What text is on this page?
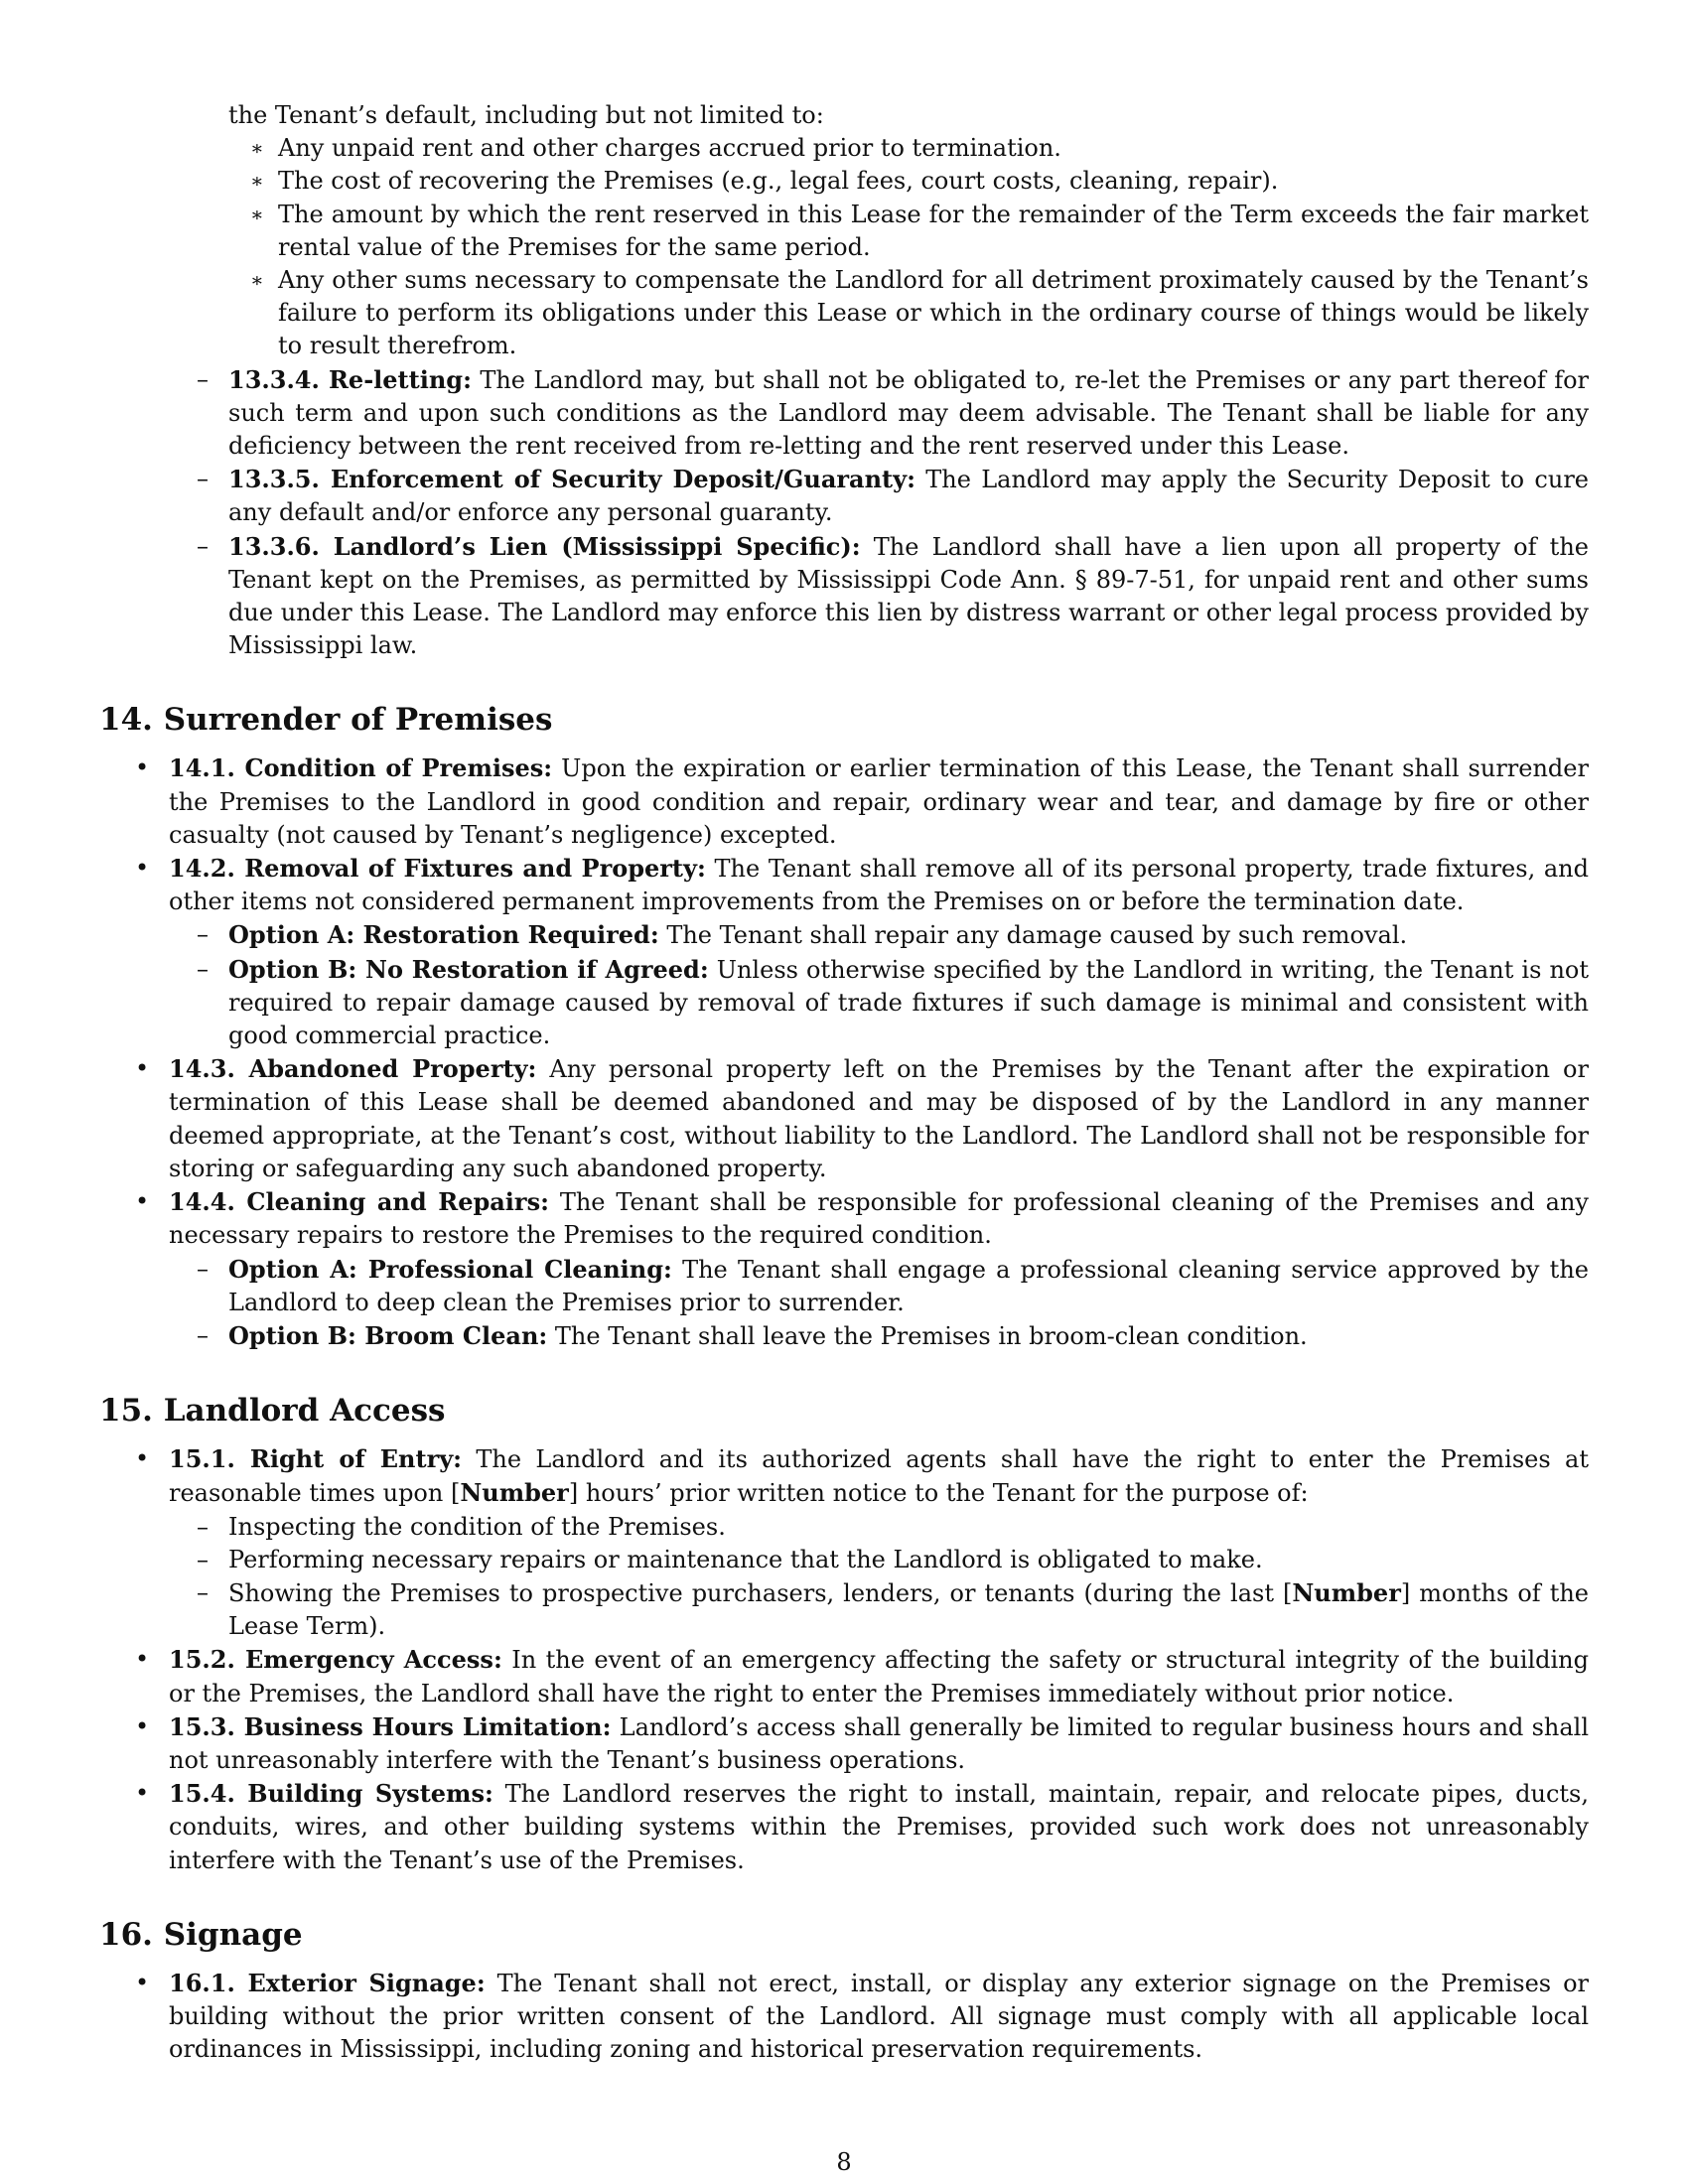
the Tenant’s default, including but not limited to:

∗ Any unpaid rent and other charges accrued prior to termination.

∗ The cost of recovering the Premises (e.g., legal fees, court costs, cleaning, repair).

∗ The amount by which the rent reserved in this Lease for the remainder of the Term exceeds the fair market rental value of the Premises for the same period.

∗ Any other sums necessary to compensate the Landlord for all detriment proximately caused by the Tenant’s failure to perform its obligations under this Lease or which in the ordinary course of things would be likely to result therefrom.

– 13.3.4. Re-letting: The Landlord may, but shall not be obligated to, re-let the Premises or any part thereof for such term and upon such conditions as the Landlord may deem advisable. The Tenant shall be liable for any deficiency between the rent received from re-letting and the rent reserved under this Lease.

– 13.3.5. Enforcement of Security Deposit/Guaranty: The Landlord may apply the Security Deposit to cure any default and/or enforce any personal guaranty.

– 13.3.6. Landlord’s Lien (Mississippi Specific): The Landlord shall have a lien upon all property of the Tenant kept on the Premises, as permitted by Mississippi Code Ann. § 89-7-51, for unpaid rent and other sums due under this Lease. The Landlord may enforce this lien by distress warrant or other legal process provided by Mississippi law.

14. Surrender of Premises

• 14.1. Condition of Premises: Upon the expiration or earlier termination of this Lease, the Tenant shall surrender the Premises to the Landlord in good condition and repair, ordinary wear and tear, and damage by fire or other casualty (not caused by Tenant’s negligence) excepted.

• 14.2. Removal of Fixtures and Property: The Tenant shall remove all of its personal property, trade fixtures, and other items not considered permanent improvements from the Premises on or before the termination date.

– Option A: Restoration Required: The Tenant shall repair any damage caused by such removal.

– Option B: No Restoration if Agreed: Unless otherwise specified by the Landlord in writing, the Tenant is not required to repair damage caused by removal of trade fixtures if such damage is minimal and consistent with good commercial practice.

• 14.3. Abandoned Property: Any personal property left on the Premises by the Tenant after the expiration or termination of this Lease shall be deemed abandoned and may be disposed of by the Landlord in any manner deemed appropriate, at the Tenant’s cost, without liability to the Landlord. The Landlord shall not be responsible for storing or safeguarding any such abandoned property.

• 14.4. Cleaning and Repairs: The Tenant shall be responsible for professional cleaning of the Premises and any necessary repairs to restore the Premises to the required condition.

– Option A: Professional Cleaning: The Tenant shall engage a professional cleaning service approved by the Landlord to deep clean the Premises prior to surrender.

– Option B: Broom Clean: The Tenant shall leave the Premises in broom-clean condition.

15. Landlord Access

• 15.1. Right of Entry: The Landlord and its authorized agents shall have the right to enter the Premises at reasonable times upon [Number] hours’ prior written notice to the Tenant for the purpose of:

– Inspecting the condition of the Premises.

– Performing necessary repairs or maintenance that the Landlord is obligated to make.

– Showing the Premises to prospective purchasers, lenders, or tenants (during the last [Number] months of the Lease Term).

• 15.2. Emergency Access: In the event of an emergency affecting the safety or structural integrity of the building or the Premises, the Landlord shall have the right to enter the Premises immediately without prior notice.

• 15.3. Business Hours Limitation: Landlord’s access shall generally be limited to regular business hours and shall not unreasonably interfere with the Tenant’s business operations.

• 15.4. Building Systems: The Landlord reserves the right to install, maintain, repair, and relocate pipes, ducts, conduits, wires, and other building systems within the Premises, provided such work does not unreasonably interfere with the Tenant’s use of the Premises.

16. Signage

• 16.1. Exterior Signage: The Tenant shall not erect, install, or display any exterior signage on the Premises or building without the prior written consent of the Landlord. All signage must comply with all applicable local ordinances in Mississippi, including zoning and historical preservation requirements.

8
